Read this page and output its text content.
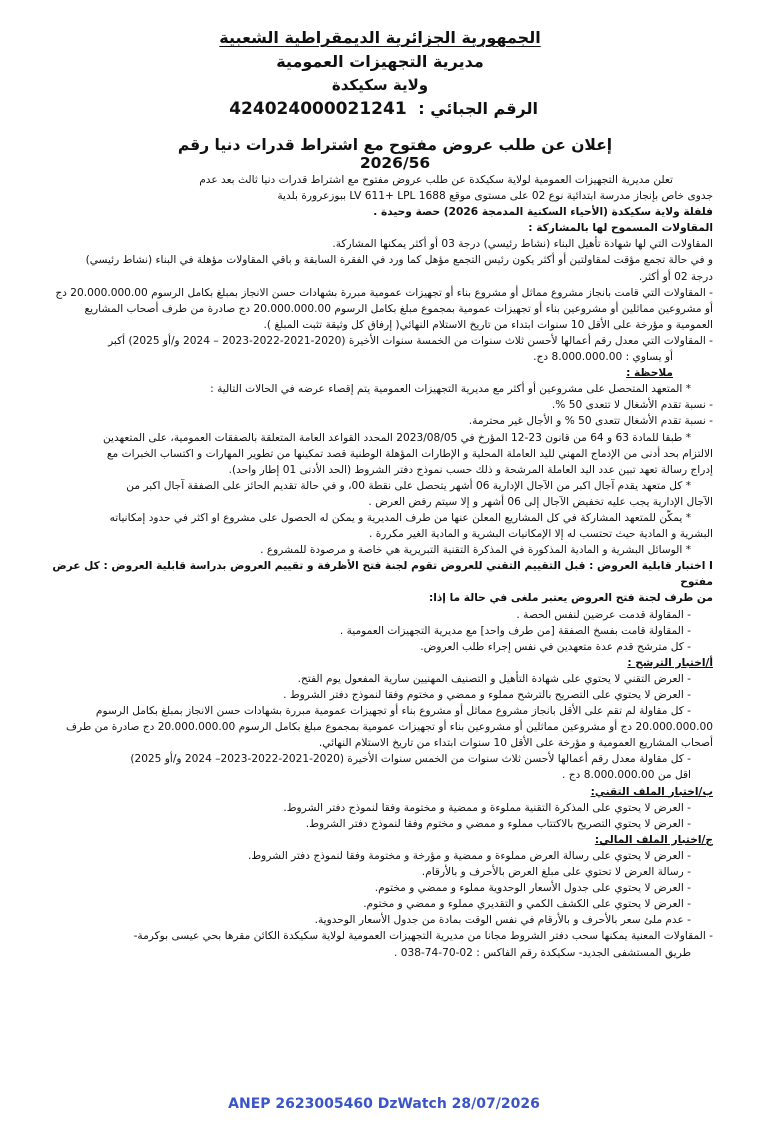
الجمهورية الجزائرية الديمقراطية الشعبية
مديرية التجهيزات العمومية
ولاية سكيكدة
الرقم الجبائي : 424024000021241
إعلان عن طلب عروض مفتوح مع اشتراط قدرات دنيا رقم 2026/56

تعلن مديرية التجهيزات العمومية لولاية سكيكدة عن طلب عروض مفتوح مع اشتراط قدرات دنيا ثالث بعد عدم

جدوى خاص بإنجاز مدرسة ابتدائية نوع 02 على مستوى موقع LV 611+ LPL 1688 ببوزعرورة بلدية

فلفلة ولاية سكيكدة (الأحياء السكنية المدمجة 2026) حصة وحيدة .

المقاولات المسموح لها بالمشاركة :

المقاولات التي لها شهادة تأهيل البناء (نشاط رئيسي) درجة 03 أو أكثر يمكنها المشاركة.

و في حالة تجمع مؤقت لمقاولتين أو أكثر يكون رئيس التجمع مؤهل كما ورد في الفقرة السابقة و باقي المقاولات مؤهلة في البناء (نشاط رئيسي)

درجة 02 أو أكثر.

- المقاولات التي قامت بانجاز مشروع مماثل أو مشروع بناء أو تجهيزات عمومية مبررة بشهادات حسن الانجاز بمبلغ بكامل الرسوم 20.000.000.00 دج

أو مشروعين مماثلين أو مشروعين بناء أو تجهيزات عمومية بمجموع مبلغ بكامل الرسوم 20.000.000.00 دج صادرة من طرف أصحاب المشاريع

العمومية و مؤرخة على الأقل 10 سنوات ابتداء من تاريخ الاستلام النهائي( إرفاق كل وثيقة تثبت المبلغ ).

- المقاولات التي معدل رقم أعمالها لأحسن ثلاث سنوات من الخمسة سنوات الأخيرة (2020-2021-2022-2023 – 2024 و/أو 2025) أكبر

أو يساوي : 8.000.000.00 دج.

ملاحظة :

* المتعهد المتحصل على مشروعين أو أكثر مع مديرية التجهيزات العمومية يتم إقصاء عرضه في الحالات التالية :

- نسبة تقدم الأشغال لا تتعدى 50 %.

- نسبة تقدم الأشغال تتعدى 50 % و الأجال غير محترمة.

* طبقا للمادة 63 و 64 من قانون 23-12 المؤرخ في 2023/08/05 المحدد القواعد العامة المتعلقة بالصفقات العمومية، على المتعهدين

الالتزام بحد أدنى من الإدماج المهني لليد العاملة المحلية و الإطارات المؤهلة الوطنية قصد تمكينها من تطوير المهارات و اكتساب الخبرات مع

إدراج رسالة تعهد تبين عدد اليد العاملة المرشحة و ذلك حسب نموذج دفتر الشروط (الحد الأدنى 01 إطار واحد).

* كل متعهد يقدم آجال اكبر من الآجال الإدارية 06 أشهر يتحصل على نقطة 00، و في حالة تقديم الحائز على الصفقة آجال اكبر من

الآجال الإدارية يجب عليه تخفيض الآجال إلى 06 أشهر و إلا سيتم رفض العرض .

* يمكّن للمتعهد المشاركة في كل المشاريع المعلن عنها من طرف المديرية و يمكن له الحصول على مشروع او اكثر في حدود إمكانياته

البشرية و المادية حيث تحتسب له إلا الإمكانيات البشرية و المادية الغير مكررة .

* الوسائل البشرية و المادية المذكورة في المذكرة التقنية التبريرية هي خاصة و مرصودة للمشروع .

I اختبار قابلية العروض : قبل التقييم التقني للعروض تقوم لجنة فتح الأظرفة و تقييم العروض بدراسة قابلية العروض : كل عرض مفتوح

من طرف لجنة فتح العروض يعتبر ملغى في حالة ما إذا:

- المقاولة قدمت عرضين لنفس الحصة .

- المقاولة قامت بفسخ الصفقة [من طرف واحد] مع مديرية التجهيزات العمومية .

- كل مترشح قدم عدة متعهدين في نفس إجراء طلب العروض.

أ/اختبار الترشح :

- العرض التقني لا يحتوي على شهادة التأهيل و التصنيف المهنيين سارية المفعول يوم الفتح.

- العرض لا يحتوي على التصريح بالترشح مملوء و ممضي و مختوم وفقا لنموذج دفتر الشروط .

- كل مقاولة لم تقم على الأقل بانجاز مشروع مماثل أو مشروع بناء أو تجهيزات عمومية مبررة بشهادات حسن الانجاز بمبلغ بكامل الرسوم

20.000.000.00 دج أو مشروعين مماثلين أو مشروعين بناء أو تجهيزات عمومية بمجموع مبلغ بكامل الرسوم 20.000.000.00 دج صادرة من طرف

أصحاب المشاريع العمومية و مؤرخة على الأقل 10 سنوات ابتداء من تاريخ الاستلام النهائي.

- كل مقاولة معدل رقم أعمالها لأحسن ثلاث سنوات من الخمس سنوات الأخيرة (2020-2021-2022-2023– 2024 و/أو 2025)

اقل من 8.000.000.00 دج .

ب/اختبار الملف التقني:

- العرض لا يحتوي على المذكرة التقنية مملوءة و ممضية و مختومة وفقا لنموذج دفتر الشروط.

- العرض لا يحتوي التصريح بالاكتتاب مملوء و ممضي و مختوم وفقا لنموذج دفتر الشروط.

ج/اختبار الملف المالي:

- العرض لا يحتوي على رسالة العرض مملوءة و ممضية و مؤرخة و مختومة وفقا لنموذج دفتر الشروط.

- رسالة العرض لا تحتوي على مبلغ العرض بالأحرف و بالأرقام.

- العرض لا يحتوي على جدول الأسعار الوحدوية مملوء و ممضي و مختوم.

- العرض لا يحتوي على الكشف الكمي و التقديري مملوء و ممضي و مختوم.

- عدم ملئ سعر بالأحرف و بالأرقام في نفس الوقت بمادة من جدول الأسعار الوحدوية.

- المقاولات المعنية يمكنها سحب دفتر الشروط مجانا من مديرية التجهيزات العمومية لولاية سكيكدة الكائن مقرها بحي عيسى بوكرمة-

طريق المستشفى الجديد- سكيكدة رقم الفاكس : 02-70-74-038 .

ANEP 2623005460 DzWatch 28/07/2026
